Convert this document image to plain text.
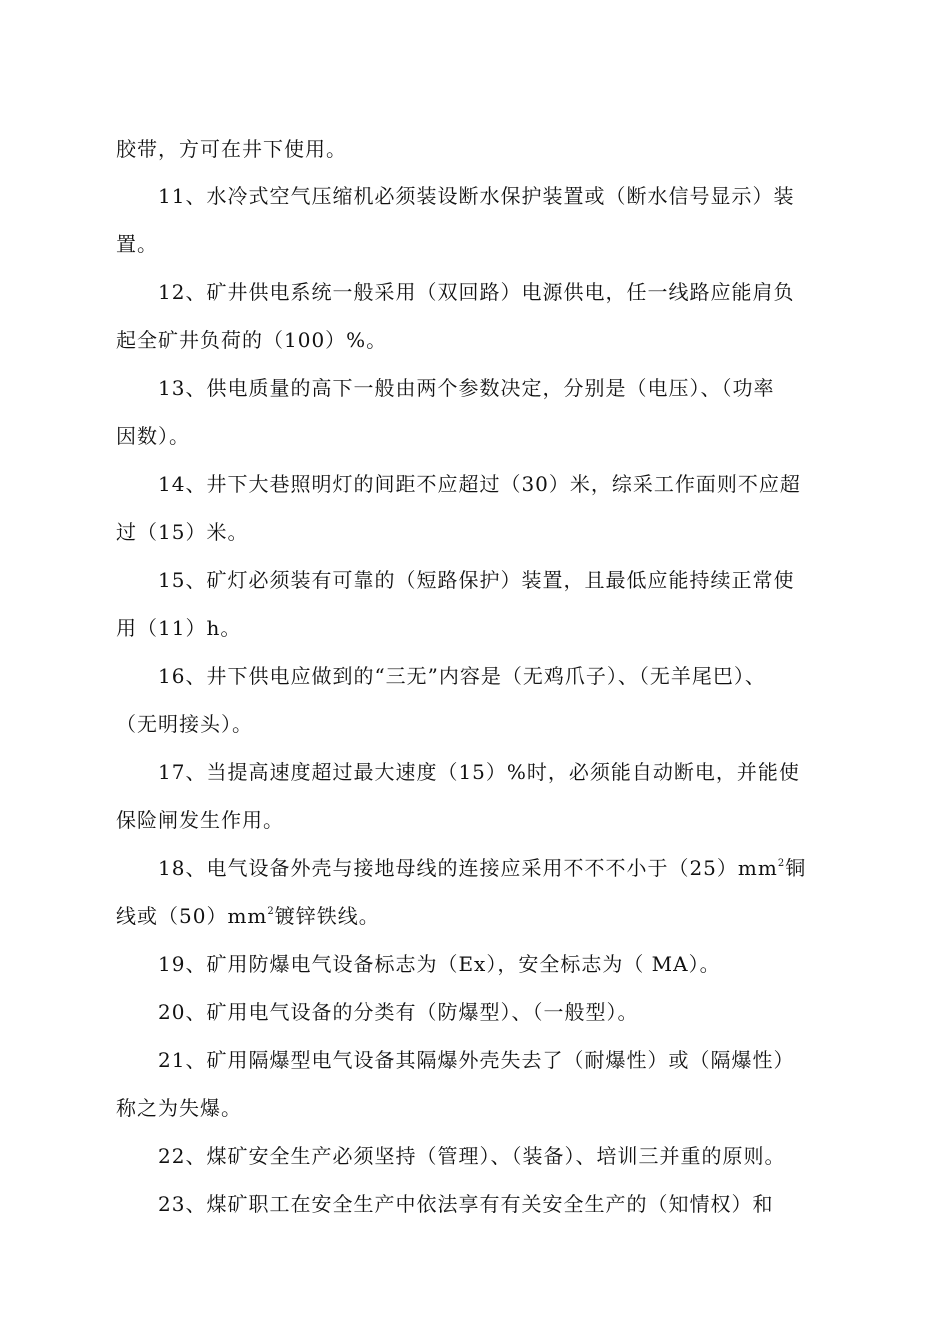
胶带，方可在井下使用。
11、水冷式空气压缩机必须装设断水保护装置或（断水信号显示）装
置。
12、矿井供电系统一般采用（双回路）电源供电，任一线路应能肩负
起全矿井负荷的（100）%。
13、供电质量的高下一般由两个参数决定，分别是（电压）、（功率
因数）。
14、井下大巷照明灯的间距不应超过（30）米，综采工作面则不应超
过（15）米。
15、矿灯必须装有可靠的（短路保护）装置，且最低应能持续正常使
用（11）h。
16、井下供电应做到的“三无”内容是（无鸡爪子）、（无羊尾巴）、
（无明接头）。
17、当提高速度超过最大速度（15）%时，必须能自动断电，并能使
保险闸发生作用。
18、电气设备外壳与接地母线的连接应采用不不不小于$(25)mm^2$铜
线或$(50)mm^2$镀锌铁线。
19、矿用防爆电气设备标志为（Ex），安全标志为（ MA）。
20、矿用电气设备的分类有（防爆型）、（一般型）。
21、矿用隔爆型电气设备其隔爆外壳失去了（耐爆性）或（隔爆性）
称之为失爆。
22、煤矿安全生产必须坚持（管理）、（装备）、培训三并重的原则。
23、煤矿职工在安全生产中依法享有有关安全生产的（知情权）和
